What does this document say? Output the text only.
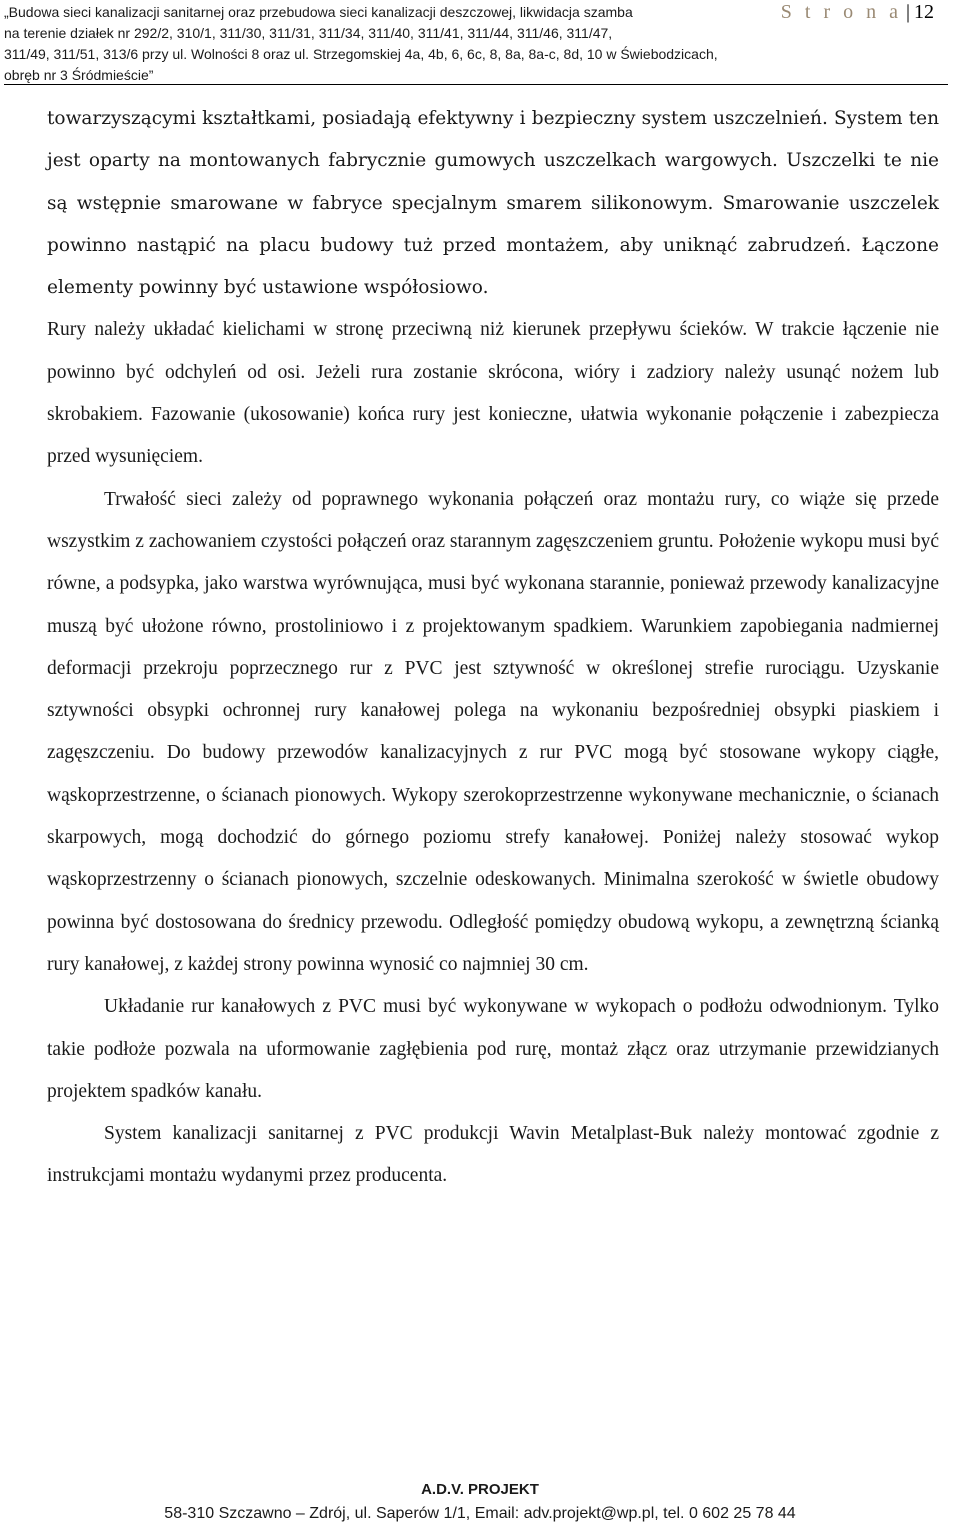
„Budowa sieci kanalizacji sanitarnej oraz przebudowa sieci kanalizacji deszczowej, likwidacja szamba
na terenie działek nr 292/2, 310/1, 311/30, 311/31, 311/34, 311/40, 311/41, 311/44, 311/46, 311/47,
311/49, 311/51, 313/6 przy ul. Wolności 8 oraz ul. Strzegomskiej 4a, 4b, 6, 6c, 8, 8a, 8a-c, 8d, 10 w Świebodzicach,
obręb nr 3 Śródmieście”
S t r o n a | 12

towarzyszącymi kształtkami, posiadają efektywny i bezpieczny system uszczelnień. System ten jest oparty na montowanych fabrycznie gumowych uszczelkach wargowych. Uszczelki te nie są wstępnie smarowane w fabryce specjalnym smarem silikonowym. Smarowanie uszczelek powinno nastąpić na placu budowy tuż przed montażem, aby uniknąć zabrudzeń. Łączone elementy powinny być ustawione współosiowo.

Rury należy układać kielichami w stronę przeciwną niż kierunek przepływu ścieków. W trakcie łączenie nie powinno być odchyleń od osi. Jeżeli rura zostanie skrócona, wióry i zadziory należy usunąć nożem lub skrobakiem. Fazowanie (ukosowanie) końca rury jest konieczne, ułatwia wykonanie połączenie i zabezpiecza przed wysunięciem.

Trwałość sieci zależy od poprawnego wykonania połączeń oraz montażu rury, co wiąże się przede wszystkim z zachowaniem czystości połączeń oraz starannym zagęszczeniem gruntu. Położenie wykopu musi być równe, a podsypka, jako warstwa wyrównująca, musi być wykonana starannie, ponieważ przewody kanalizacyjne muszą być ułożone równo, prostoliniowo i z projektowanym spadkiem. Warunkiem zapobiegania nadmiernej deformacji przekroju poprzecznego rur z PVC jest sztywność w określonej strefie rurociągu. Uzyskanie sztywności obsypki ochronnej rury kanałowej polega na wykonaniu bezpośredniej obsypki piaskiem i zagęszczeniu. Do budowy przewodów kanalizacyjnych z rur PVC mogą być stosowane wykopy ciągłe, wąskoprzestrzenne, o ścianach pionowych. Wykopy szerokoprzestrzenne wykonywane mechanicznie, o ścianach skarpowych, mogą dochodzić do górnego poziomu strefy kanałowej. Poniżej należy stosować wykop wąskoprzestrzenny o ścianach pionowych, szczelnie odeskowanych. Minimalna szerokość w świetle obudowy powinna być dostosowana do średnicy przewodu. Odległość pomiędzy obudową wykopu, a zewnętrzną ścianką rury kanałowej, z każdej strony powinna wynosić co najmniej 30 cm.

Układanie rur kanałowych z PVC musi być wykonywane w wykopach o podłożu odwodnionym. Tylko takie podłoże pozwala na uformowanie zagłębienia pod rurę, montaż złącz oraz utrzymanie przewidzianych projektem spadków kanału.

System kanalizacji sanitarnej z PVC produkcji Wavin Metalplast-Buk należy montować zgodnie z instrukcjami montażu wydanymi przez producenta.

A.D.V. PROJEKT
58-310 Szczawno – Zdrój, ul. Saperów 1/1, Email: adv.projekt@wp.pl, tel. 0 602 25 78 44
